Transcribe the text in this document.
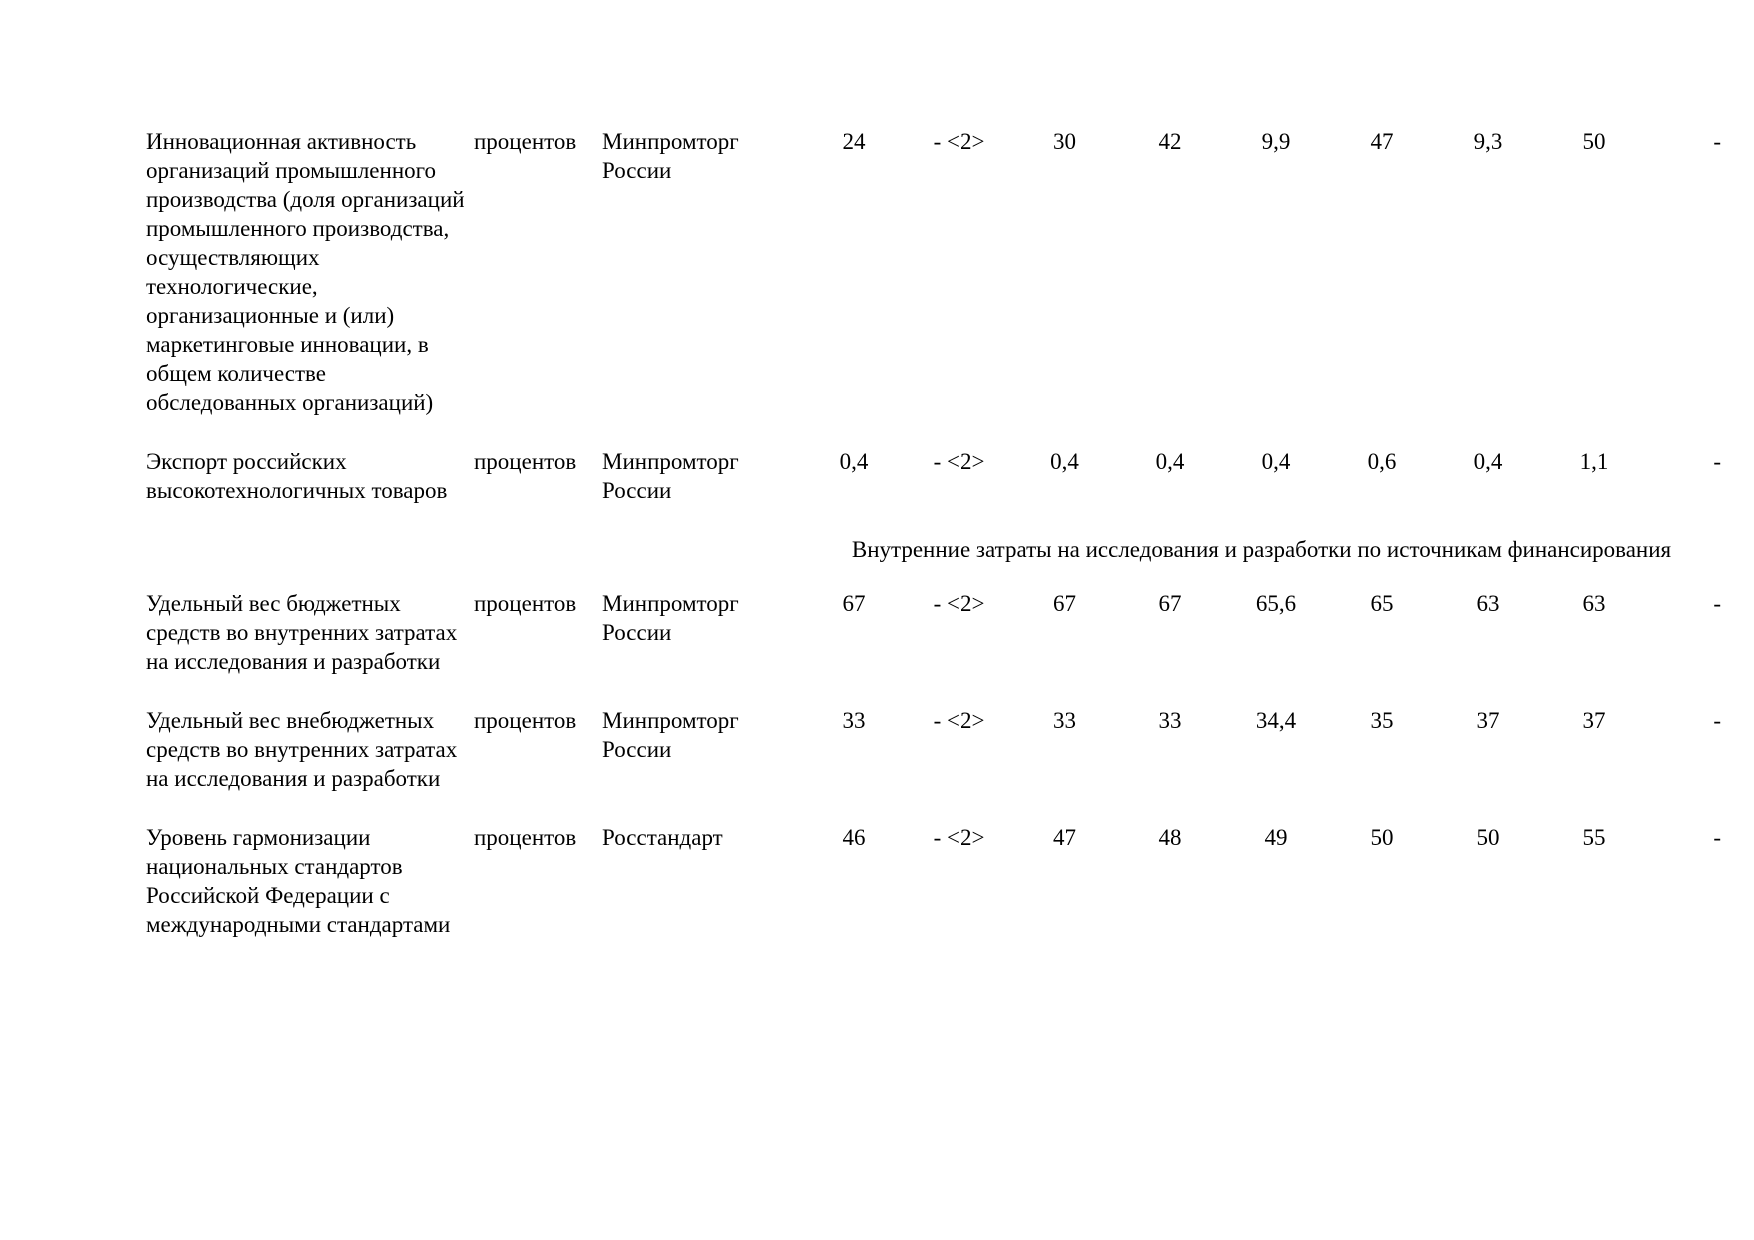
Инновационная активность организаций промышленного производства (доля организаций промышленного производства, осуществляющих технологические, организационные и (или) маркетинговые инновации, в общем количестве обследованных организаций)	процентов	Минпромторг России	24	- <2>	30	42	9,9	47	9,3	50	-
Экспорт российских высокотехнологичных товаров	процентов	Минпромторг России	0,4	- <2>	0,4	0,4	0,4	0,6	0,4	1,1	-
			Внутренние затраты на исследования и разработки по источникам финансирования								
Удельный вес бюджетных средств во внутренних затратах на исследования и разработки	процентов	Минпромторг России	67	- <2>	67	67	65,6	65	63	63	-
Удельный вес внебюджетных средств во внутренних затратах на исследования и разработки	процентов	Минпромторг России	33	- <2>	33	33	34,4	35	37	37	-
Уровень гармонизации национальных стандартов Российской Федерации с международными стандартами	процентов	Росстандарт	46	- <2>	47	48	49	50	50	55	-
